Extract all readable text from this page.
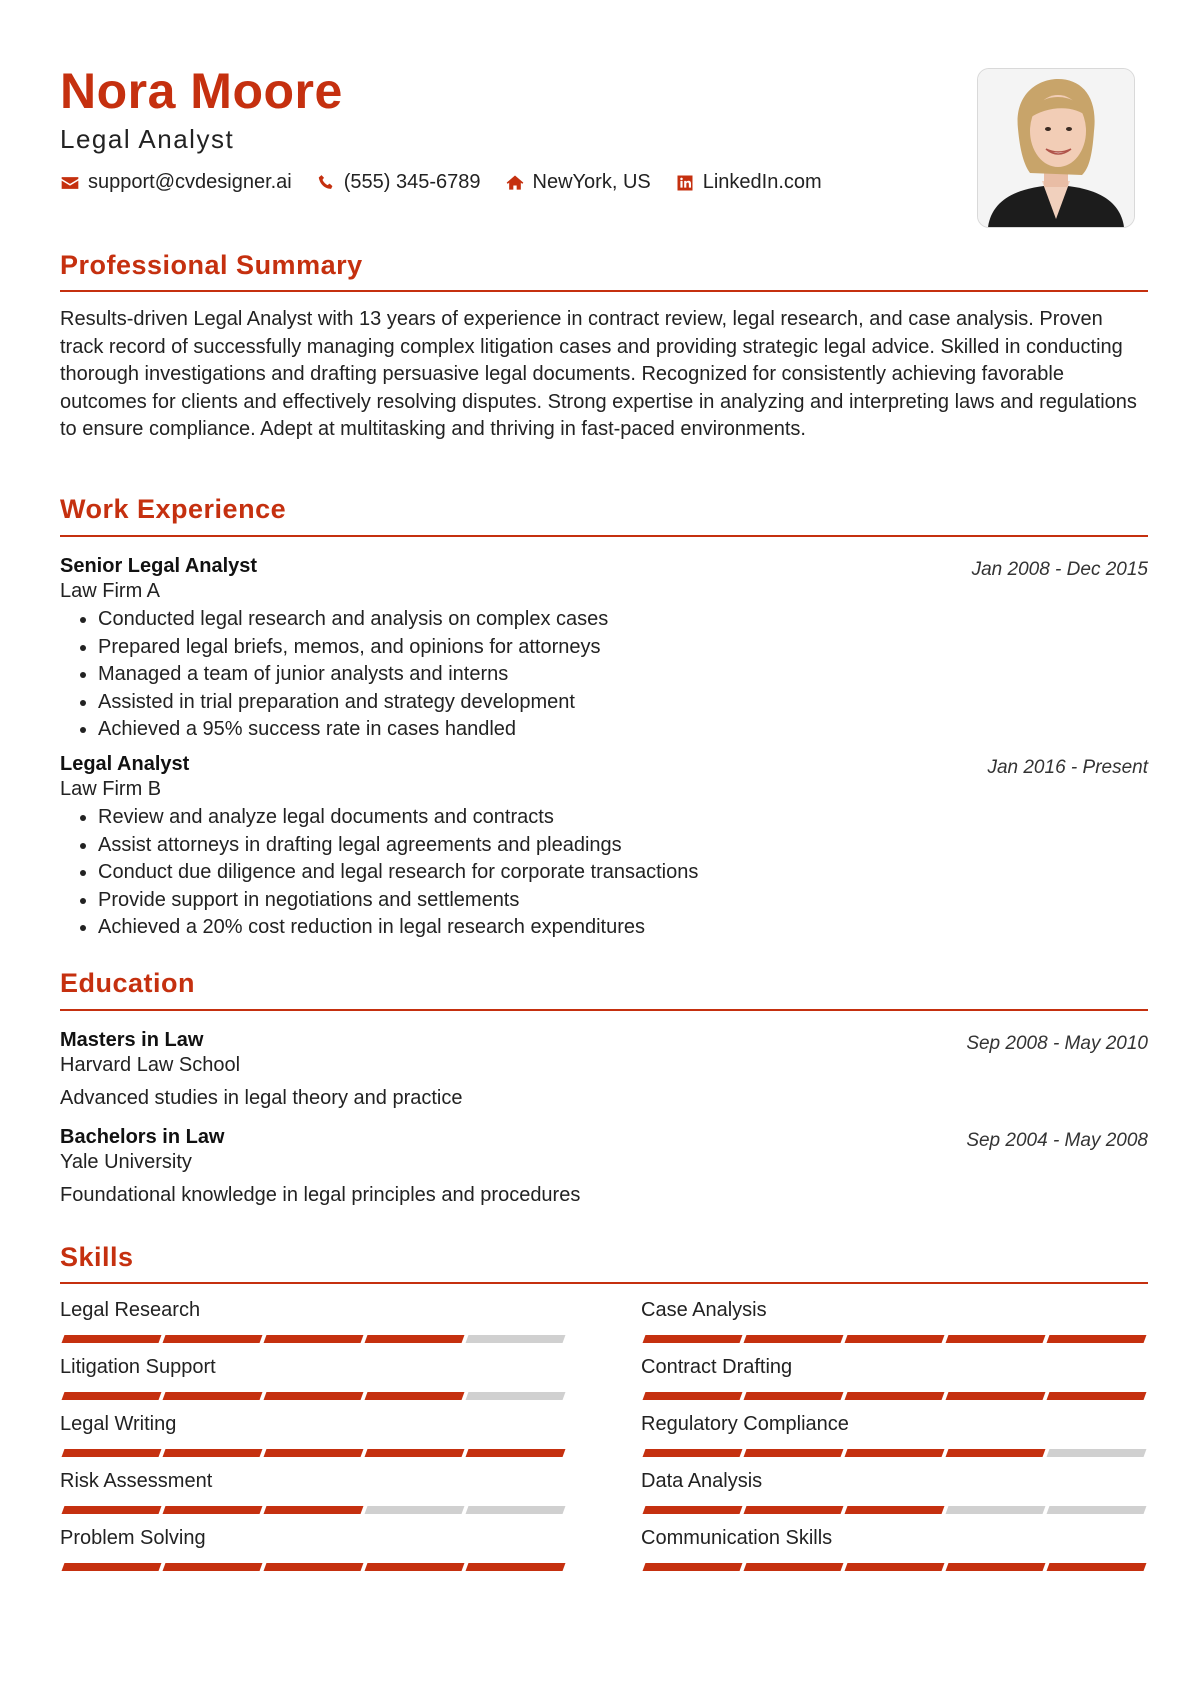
Nora Moore
Legal Analyst
support@cvdesigner.ai	(555) 345-6789	NewYork, US	LinkedIn.com
Professional Summary
Results-driven Legal Analyst with 13 years of experience in contract review, legal research, and case analysis. Proven track record of successfully managing complex litigation cases and providing strategic legal advice. Skilled in conducting thorough investigations and drafting persuasive legal documents. Recognized for consistently achieving favorable outcomes for clients and effectively resolving disputes. Strong expertise in analyzing and interpreting laws and regulations to ensure compliance. Adept at multitasking and thriving in fast-paced environments.
Work Experience
Senior Legal Analyst	Jan 2008 - Dec 2015
Law Firm A
• Conducted legal research and analysis on complex cases
• Prepared legal briefs, memos, and opinions for attorneys
• Managed a team of junior analysts and interns
• Assisted in trial preparation and strategy development
• Achieved a 95% success rate in cases handled
Legal Analyst	Jan 2016 - Present
Law Firm B
• Review and analyze legal documents and contracts
• Assist attorneys in drafting legal agreements and pleadings
• Conduct due diligence and legal research for corporate transactions
• Provide support in negotiations and settlements
• Achieved a 20% cost reduction in legal research expenditures
Education
Masters in Law	Sep 2008 - May 2010
Harvard Law School
Advanced studies in legal theory and practice
Bachelors in Law	Sep 2004 - May 2008
Yale University
Foundational knowledge in legal principles and procedures
Skills
Legal Research	Case Analysis
Litigation Support	Contract Drafting
Legal Writing	Regulatory Compliance
Risk Assessment	Data Analysis
Problem Solving	Communication Skills
